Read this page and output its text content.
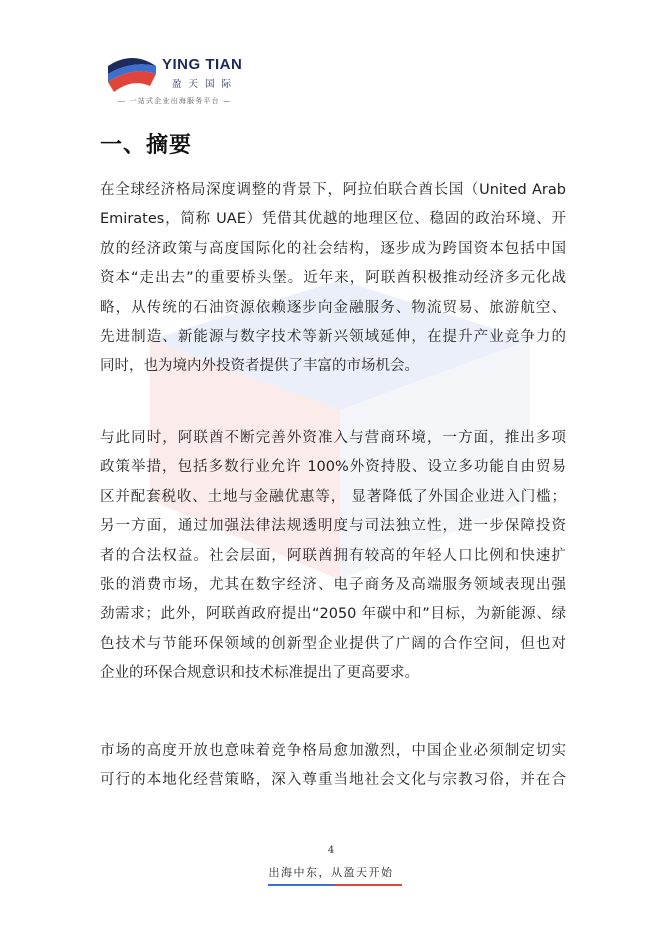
YING TIAN
盈天国际
— 一站式企业出海服务平台 —
一、摘要

在全球经济格局深度调整的背景下，阿拉伯联合酋长国（United Arab
Emirates，简称 UAE）凭借其优越的地理区位、稳固的政治环境、开
放的经济政策与高度国际化的社会结构，逐步成为跨国资本包括中国
资本“走出去”的重要桥头堡。近年来，阿联酋积极推动经济多元化战
略，从传统的石油资源依赖逐步向金融服务、物流贸易、旅游航空、
先进制造、新能源与数字技术等新兴领域延伸，在提升产业竞争力的
同时，也为境内外投资者提供了丰富的市场机会。

与此同时，阿联酋不断完善外资准入与营商环境，一方面，推出多项
政策举措，包括多数行业允许 100%外资持股、设立多功能自由贸易
区并配套税收、土地与金融优惠等， 显著降低了外国企业进入门槛；
另一方面，通过加强法律法规透明度与司法独立性，进一步保障投资
者的合法权益。社会层面，阿联酋拥有较高的年轻人口比例和快速扩
张的消费市场，尤其在数字经济、电子商务及高端服务领域表现出强
劲需求；此外，阿联酋政府提出“2050 年碳中和”目标，为新能源、绿
色技术与节能环保领域的创新型企业提供了广阔的合作空间，但也对
企业的环保合规意识和技术标准提出了更高要求。

市场的高度开放也意味着竞争格局愈加激烈，中国企业必须制定切实
可行的本地化经营策略，深入尊重当地社会文化与宗教习俗，并在合

4
出海中东，从盈天开始
